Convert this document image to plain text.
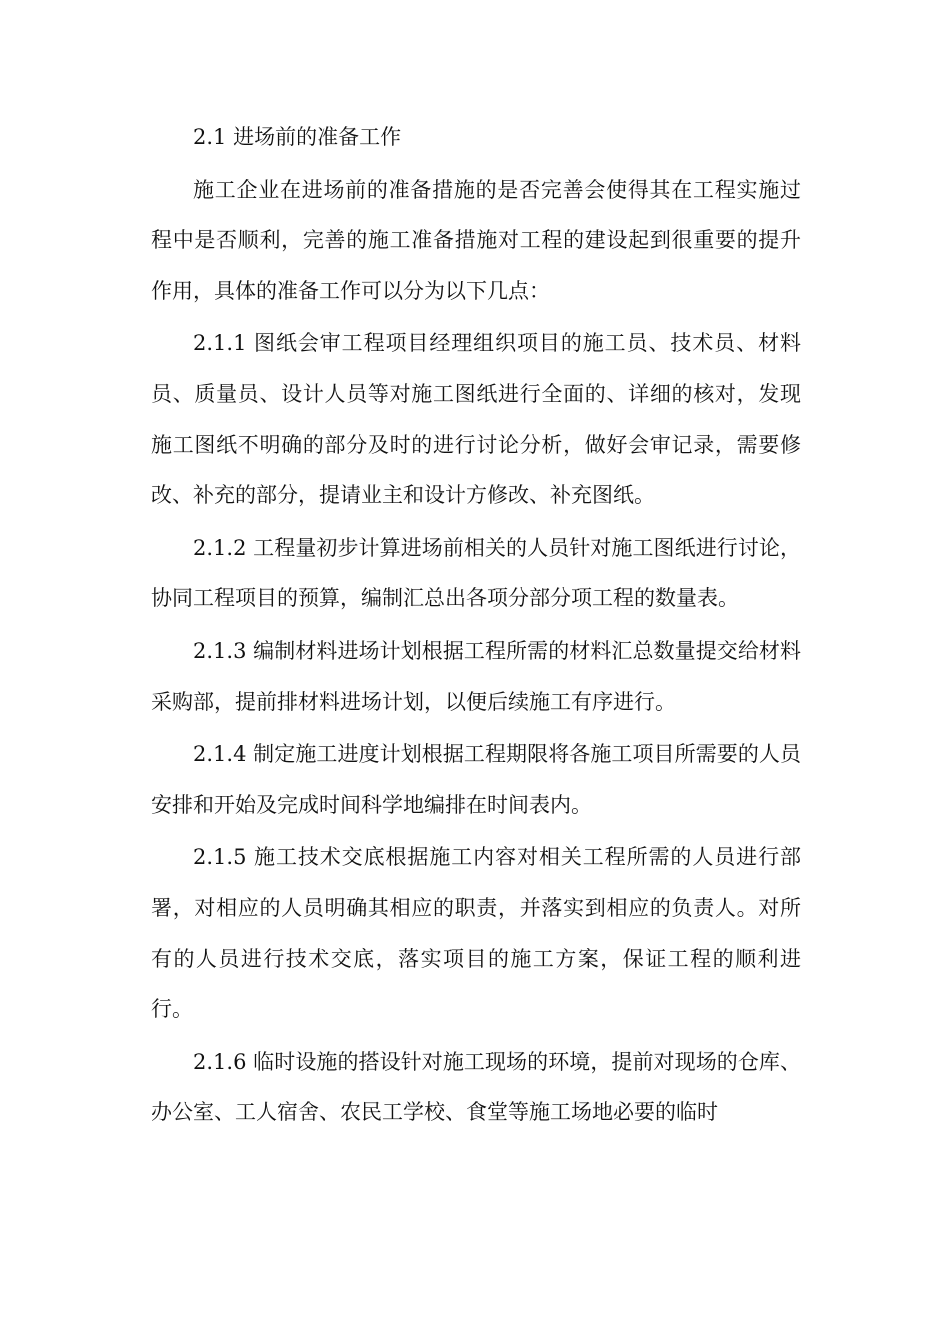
2.1 进场前的准备工作

施工企业在进场前的准备措施的是否完善会使得其在工程实施过程中是否顺利，完善的施工准备措施对工程的建设起到很重要的提升作用，具体的准备工作可以分为以下几点：

2.1.1 图纸会审工程项目经理组织项目的施工员、技术员、材料员、质量员、设计人员等对施工图纸进行全面的、详细的核对，发现施工图纸不明确的部分及时的进行讨论分析，做好会审记录，需要修改、补充的部分，提请业主和设计方修改、补充图纸。

2.1.2 工程量初步计算进场前相关的人员针对施工图纸进行讨论，协同工程项目的预算，编制汇总出各项分部分项工程的数量表。

2.1.3 编制材料进场计划根据工程所需的材料汇总数量提交给材料采购部，提前排材料进场计划，以便后续施工有序进行。

2.1.4 制定施工进度计划根据工程期限将各施工项目所需要的人员安排和开始及完成时间科学地编排在时间表内。

2.1.5 施工技术交底根据施工内容对相关工程所需的人员进行部署，对相应的人员明确其相应的职责，并落实到相应的负责人。对所有的人员进行技术交底，落实项目的施工方案，保证工程的顺利进行。

2.1.6 临时设施的搭设针对施工现场的环境，提前对现场的仓库、办公室、工人宿舍、农民工学校、食堂等施工场地必要的临时
